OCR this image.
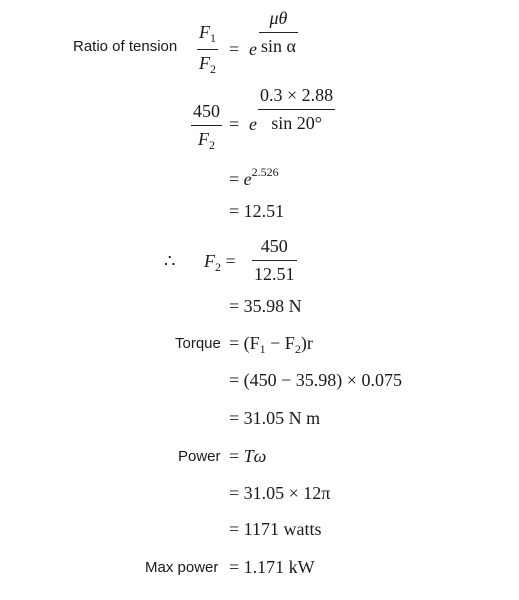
Ratio of tension
$F_1$
$F_2$
= e
μθ
sin α
450
$F_2$
= e
0.3 × 2.88
sin 20°
= $e^{2.526}$
= 12.51
∴ $F_2$ =
450
12.51
= 35.98 N
Torque = $(F_1 - F_2)r$
= (450 − 35.98) × 0.075
= 31.05 N m
Power = Tω
= 31.05 × 12π
= 1171 watts
Max power = 1.171 kW
